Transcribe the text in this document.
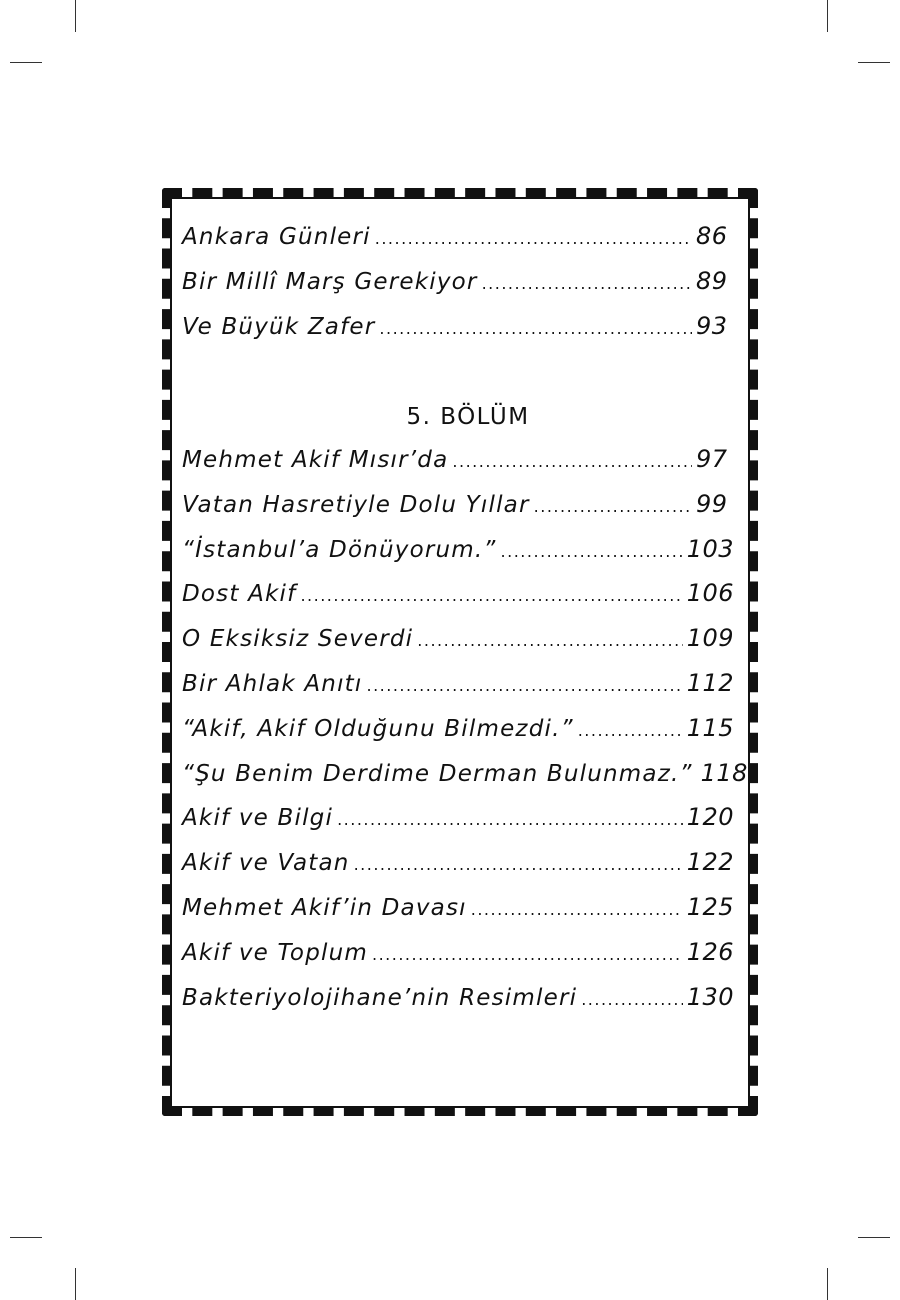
Ankara Günleri .....	86
Bir Millî Marş Gerekiyor .....	89
Ve Büyük Zafer .....	93
5. BÖLÜM
Mehmet Akif Mısır’da .....	97
Vatan Hasretiyle Dolu Yıllar .....	99
“İstanbul’a Dönüyorum.” .....	103
Dost Akif .....	106
O Eksiksiz Severdi .....	109
Bir Ahlak Anıtı .....	112
“Akif, Akif Olduğunu Bilmezdi.” .....	115
“Şu Benim Derdime Derman Bulunmaz.” 118
Akif ve Bilgi .....	120
Akif ve Vatan .....	122
Mehmet Akif’in Davası .....	125
Akif ve Toplum .....	126
Bakteriyolojihane’nin Resimleri .....	130
